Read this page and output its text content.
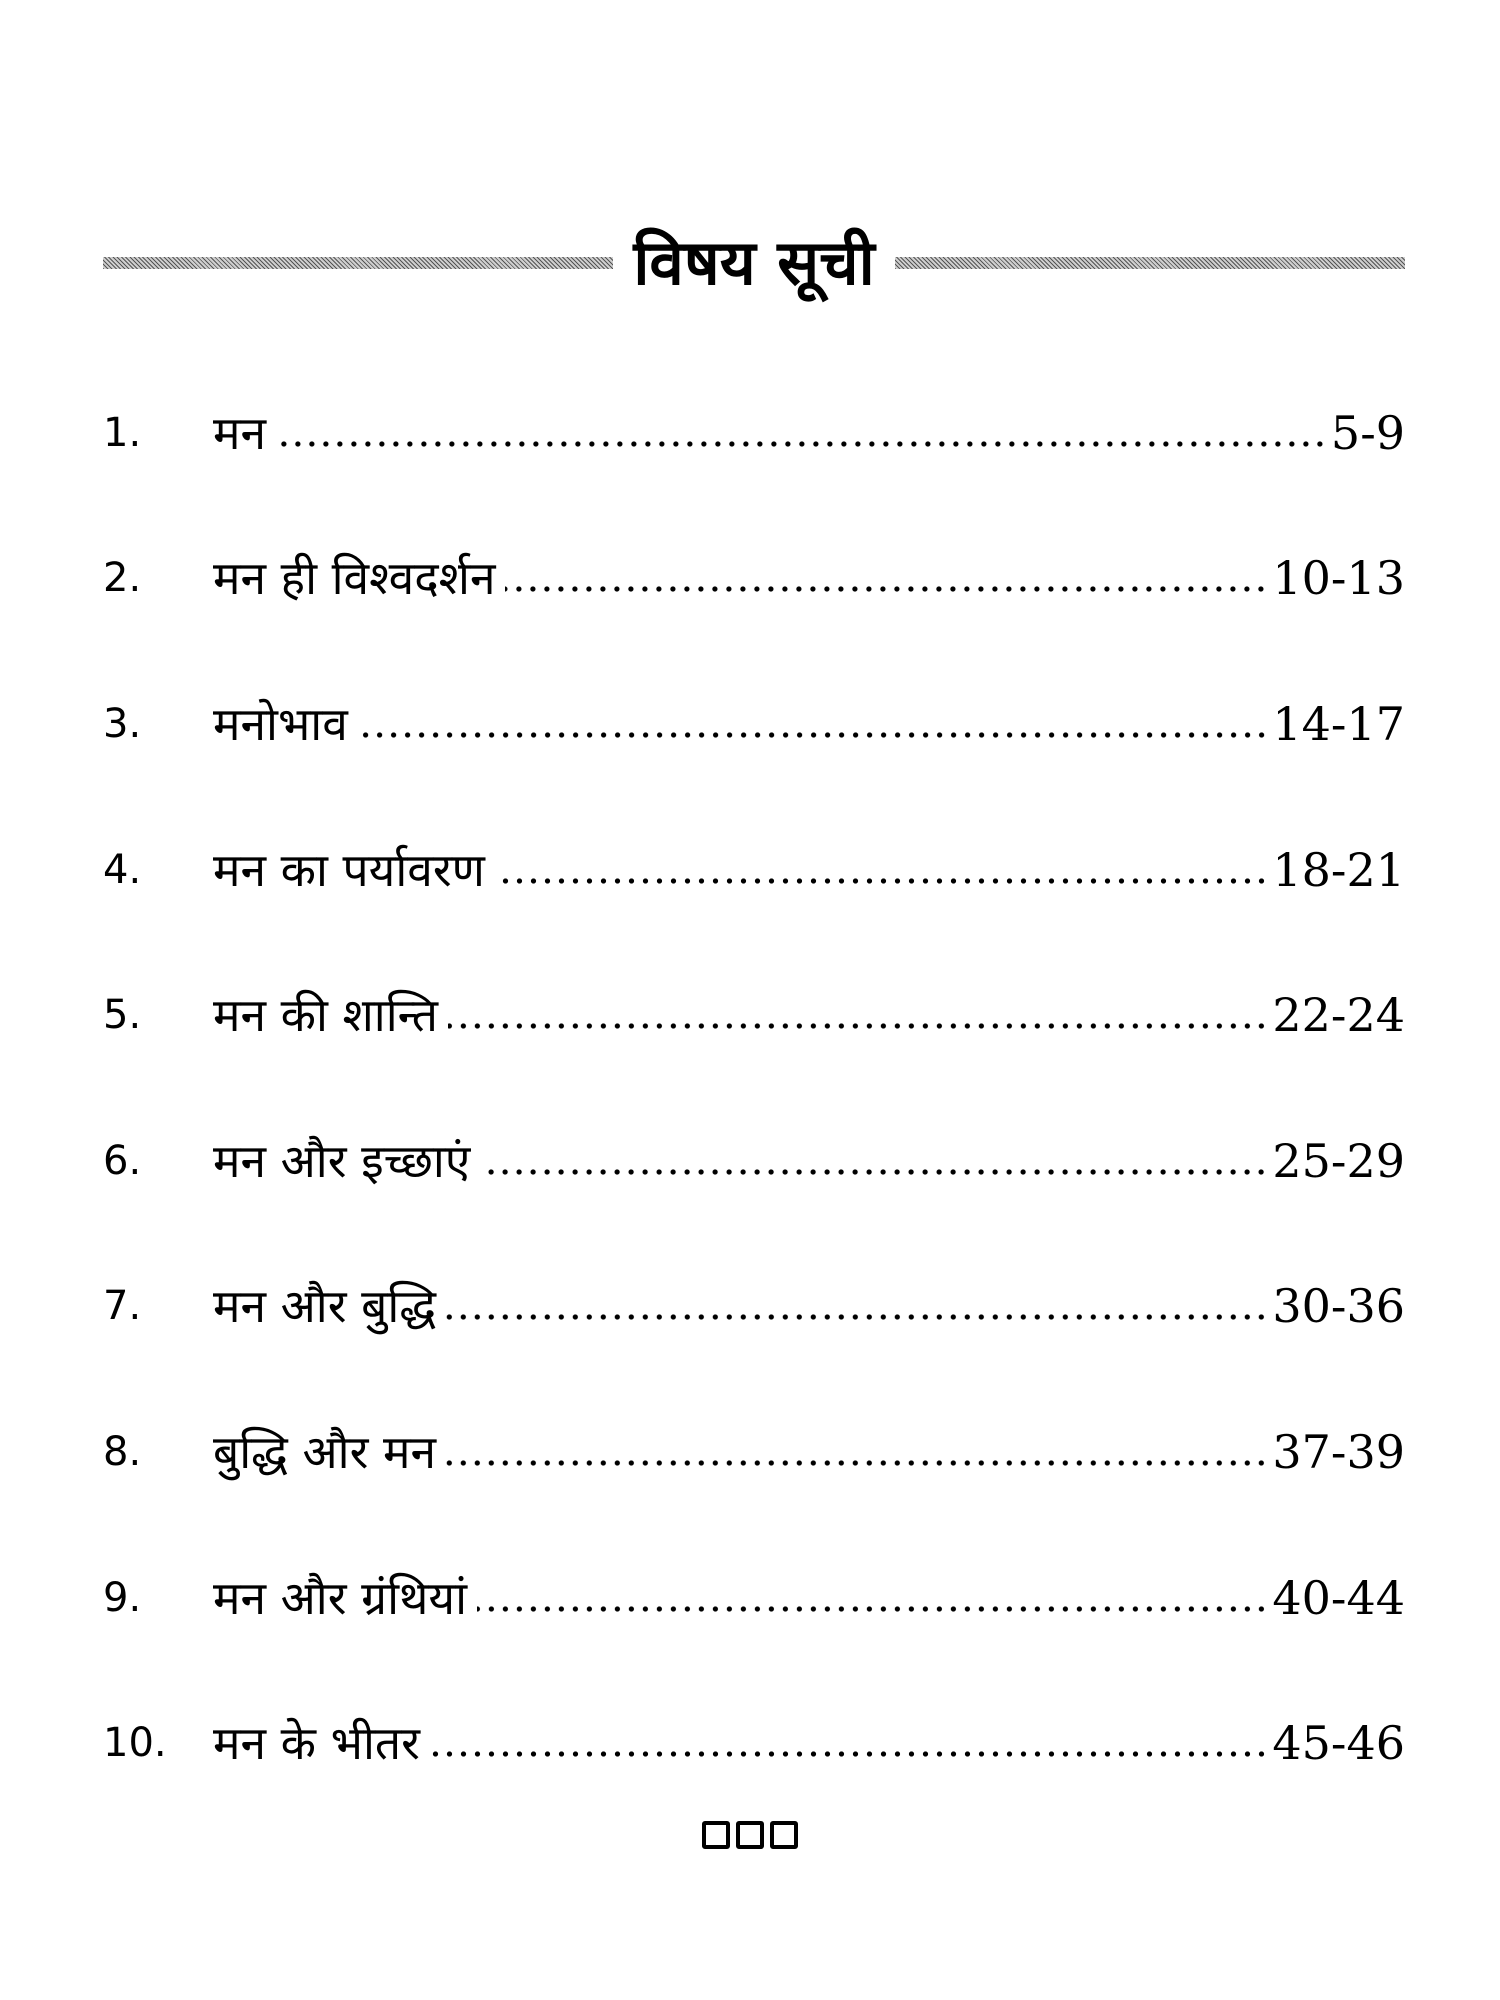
विषय सूची
1.	मन	5-9
2.	मन ही विश्वदर्शन	10-13
3.	मनोभाव	14-17
4.	मन का पर्यावरण	18-21
5.	मन की शान्ति	22-24
6.	मन और इच्छाएं	25-29
7.	मन और बुद्धि	30-36
8.	बुद्धि और मन	37-39
9.	मन और ग्रंथियां	40-44
10.	मन के भीतर	45-46
